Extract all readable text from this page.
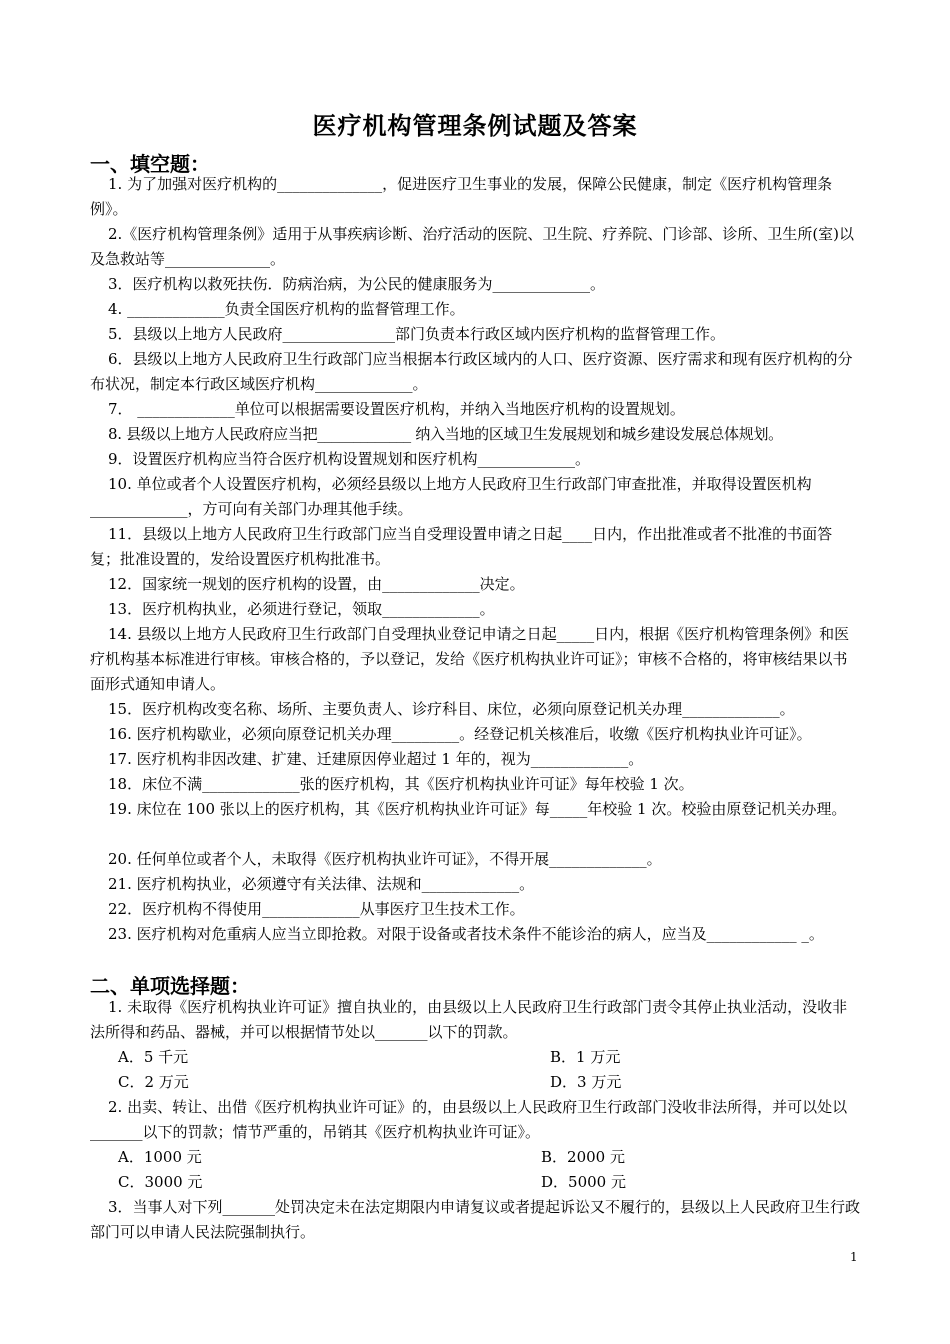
医疗机构管理条例试题及答案
一、填空题：
1. 为了加强对医疗机构的______________，促进医疗卫生事业的发展，保障公民健康，制定《医疗机构管理条例》。
2.《医疗机构管理条例》适用于从事疾病诊断、治疗活动的医院、卫生院、疗养院、门诊部、诊所、卫生所(室)以及急救站等______________。
3．医疗机构以救死扶伤．防病治病，为公民的健康服务为_____________。
4. _____________负责全国医疗机构的监督管理工作。
5．县级以上地方人民政府_______________部门负责本行政区域内医疗机构的监督管理工作。
6．县级以上地方人民政府卫生行政部门应当根据本行政区域内的人口、医疗资源、医疗需求和现有医疗机构的分布状况，制定本行政区域医疗机构_____________。
7． _____________单位可以根据需要设置医疗机构，并纳入当地医疗机构的设置规划。
8. 县级以上地方人民政府应当把_____________ 纳入当地的区域卫生发展规划和城乡建设发展总体规划。
9．设置医疗机构应当符合医疗机构设置规划和医疗机构_____________。
10. 单位或者个人设置医疗机构，必须经县级以上地方人民政府卫生行政部门审查批准，并取得设置医机构_____________，方可向有关部门办理其他手续。
11．县级以上地方人民政府卫生行政部门应当自受理设置申请之日起____日内，作出批准或者不批准的书面答复；批准设置的，发给设置医疗机构批准书。
12．国家统一规划的医疗机构的设置，由_____________决定。
13．医疗机构执业，必须进行登记，领取_____________。
14. 县级以上地方人民政府卫生行政部门自受理执业登记申请之日起_____日内，根据《医疗机构管理条例》和医疗机构基本标准进行审核。审核合格的，予以登记，发给《医疗机构执业许可证》；审核不合格的，将审核结果以书面形式通知申请人。
15．医疗机构改变名称、场所、主要负责人、诊疗科目、床位，必须向原登记机关办理_____________。
16. 医疗机构歇业，必须向原登记机关办理_________。经登记机关核准后，收缴《医疗机构执业许可证》。
17. 医疗机构非因改建、扩建、迁建原因停业超过 1 年的，视为_____________。
18．床位不满_____________张的医疗机构，其《医疗机构执业许可证》每年校验 1 次。
19. 床位在 100 张以上的医疗机构，其《医疗机构执业许可证》每_____年校验 1 次。校验由原登记机关办理。
20. 任何单位或者个人，未取得《医疗机构执业许可证》，不得开展_____________。
21. 医疗机构执业，必须遵守有关法律、法规和_____________。
22．医疗机构不得使用_____________从事医疗卫生技术工作。
23. 医疗机构对危重病人应当立即抢救。对限于设备或者技术条件不能诊治的病人，应当及____________ _。
二、单项选择题：
1. 未取得《医疗机构执业许可证》擅自执业的，由县级以上人民政府卫生行政部门责令其停止执业活动，没收非法所得和药品、器械，并可以根据情节处以_______以下的罚款。
A．5 千元	B．1 万元
C．2 万元	D．3 万元
2. 出卖、转让、出借《医疗机构执业许可证》的，由县级以上人民政府卫生行政部门没收非法所得，并可以处以_______以下的罚款；情节严重的，吊销其《医疗机构执业许可证》。
A．1000 元	B．2000 元
C．3000 元	D．5000 元
3．当事人对下列_______处罚决定未在法定期限内申请复议或者提起诉讼又不履行的，县级以上人民政府卫生行政部门可以申请人民法院强制执行。
1
